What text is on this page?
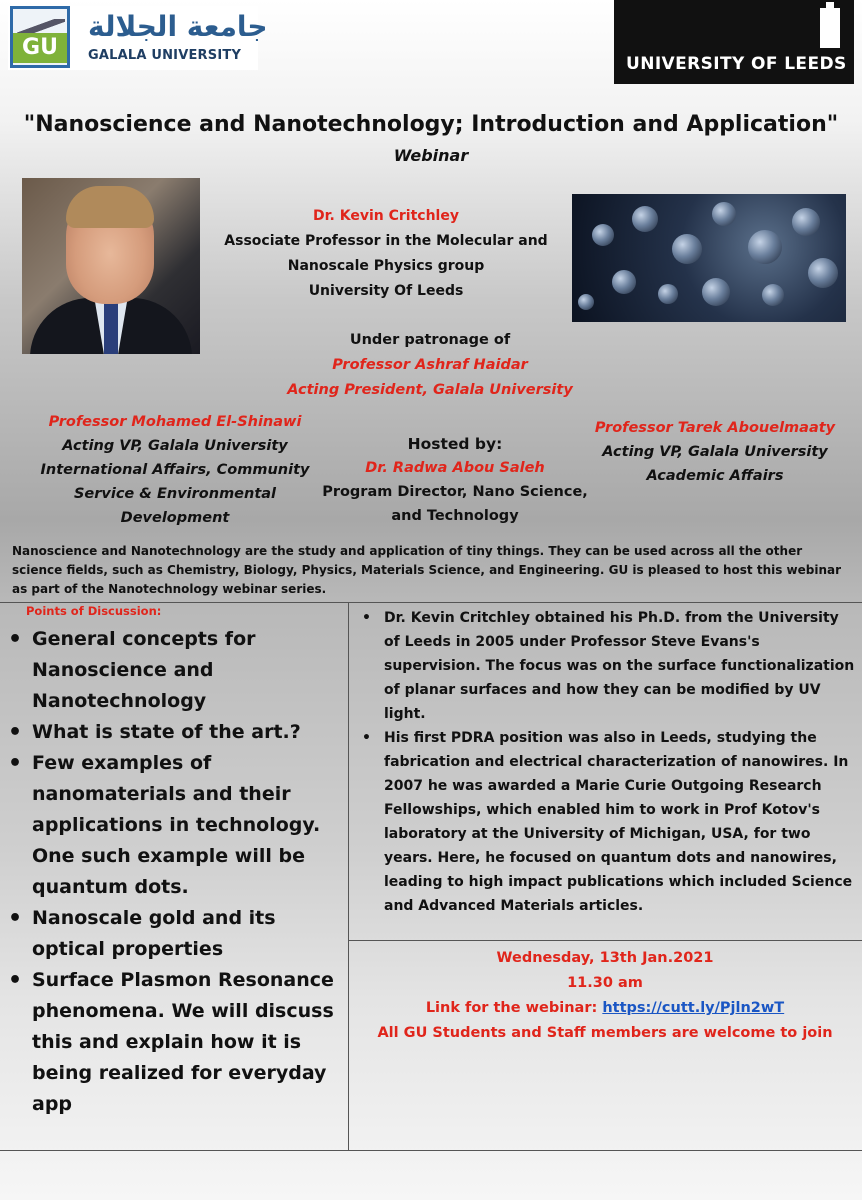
GU
جامعة الجلالة
GALALA UNIVERSITY	UNIVERSITY OF LEEDS
"Nanoscience and Nanotechnology; Introduction and Application"
Webinar
Dr. Kevin Critchley
Associate Professor in the Molecular and
Nanoscale Physics group
University Of Leeds
Under patronage of
Professor Ashraf Haidar
Acting President, Galala University
Professor Mohamed El-Shinawi
Acting VP, Galala University
International Affairs, Community
Service & Environmental
Development
Hosted by:
Dr. Radwa Abou Saleh
Program Director, Nano Science,
and Technology
Professor Tarek Abouelmaaty
Acting VP, Galala University
Academic Affairs
Nanoscience and Nanotechnology are the study and application of tiny things. They can be used across all the other science fields, such as Chemistry, Biology, Physics, Materials Science, and Engineering. GU is pleased to host this webinar as part of the Nanotechnology webinar series.
Points of Discussion:
• General concepts for Nanoscience and Nanotechnology
• What is state of the art.?
• Few examples of nanomaterials and their applications in technology. One such example will be quantum dots.
• Nanoscale gold and its optical properties
• Surface Plasmon Resonance phenomena. We will discuss this and explain how it is being realized for everyday app
• Dr. Kevin Critchley obtained his Ph.D. from the University of Leeds in 2005 under Professor Steve Evans's supervision. The focus was on the surface functionalization of planar surfaces and how they can be modified by UV light.
• His first PDRA position was also in Leeds, studying the fabrication and electrical characterization of nanowires. In 2007 he was awarded a Marie Curie Outgoing Research Fellowships, which enabled him to work in Prof Kotov's laboratory at the University of Michigan, USA, for two years. Here, he focused on quantum dots and nanowires, leading to high impact publications which included Science and Advanced Materials articles.
Wednesday, 13th Jan.2021
11.30 am
Link for the webinar: https://cutt.ly/Pjln2wT
All GU Students and Staff members are welcome to join
